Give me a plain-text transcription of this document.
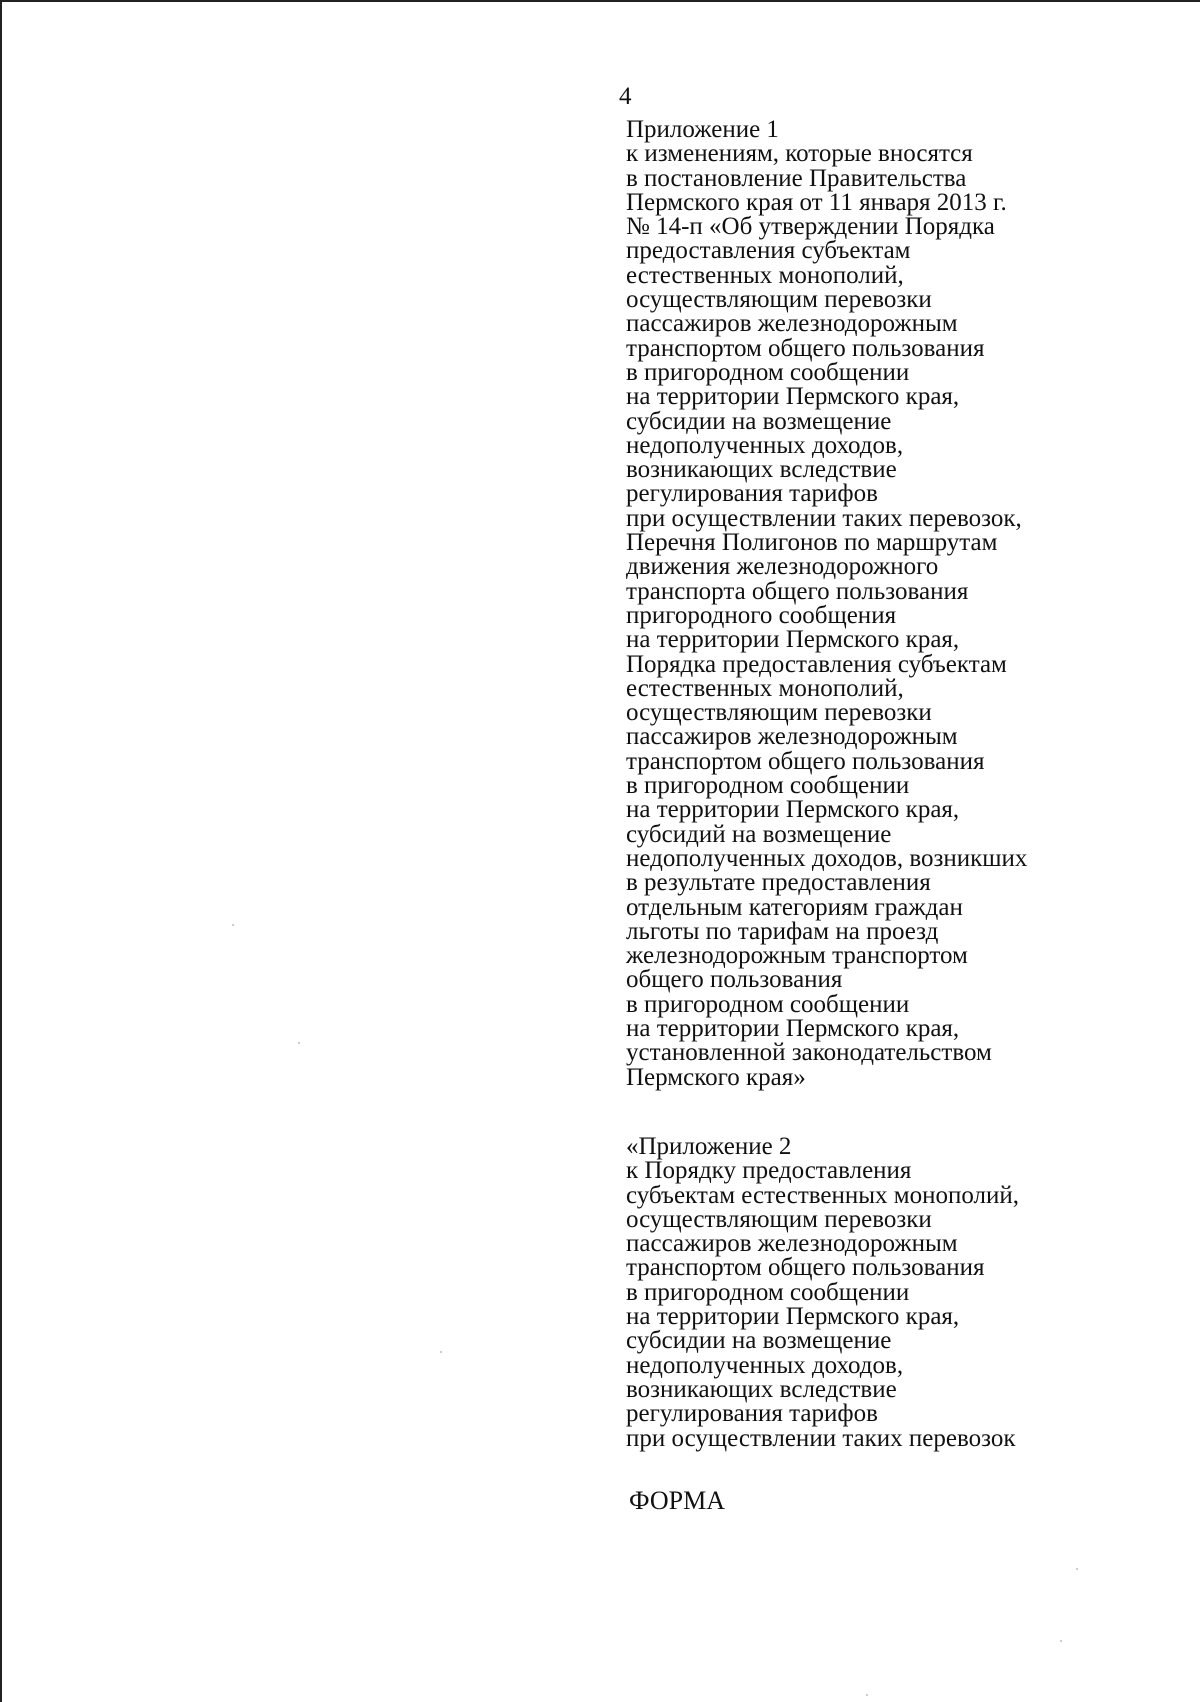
4
Приложение 1
к изменениям, которые вносятся
в постановление Правительства
Пермского края от 11 января 2013 г.
№ 14-п «Об утверждении Порядка
предоставления субъектам
естественных монополий,
осуществляющим перевозки
пассажиров железнодорожным
транспортом общего пользования
в пригородном сообщении
на территории Пермского края,
субсидии на возмещение
недополученных доходов,
возникающих вследствие
регулирования тарифов
при осуществлении таких перевозок,
Перечня Полигонов по маршрутам
движения железнодорожного
транспорта общего пользования
пригородного сообщения
на территории Пермского края,
Порядка предоставления субъектам
естественных монополий,
осуществляющим перевозки
пассажиров железнодорожным
транспортом общего пользования
в пригородном сообщении
на территории Пермского края,
субсидий на возмещение
недополученных доходов, возникших
в результате предоставления
отдельным категориям граждан
льготы по тарифам на проезд
железнодорожным транспортом
общего пользования
в пригородном сообщении
на территории Пермского края,
установленной законодательством
Пермского края»
«Приложение 2
к Порядку предоставления
субъектам естественных монополий,
осуществляющим перевозки
пассажиров железнодорожным
транспортом общего пользования
в пригородном сообщении
на территории Пермского края,
субсидии на возмещение
недополученных доходов,
возникающих вследствие
регулирования тарифов
при осуществлении таких перевозок
ФОРМА
